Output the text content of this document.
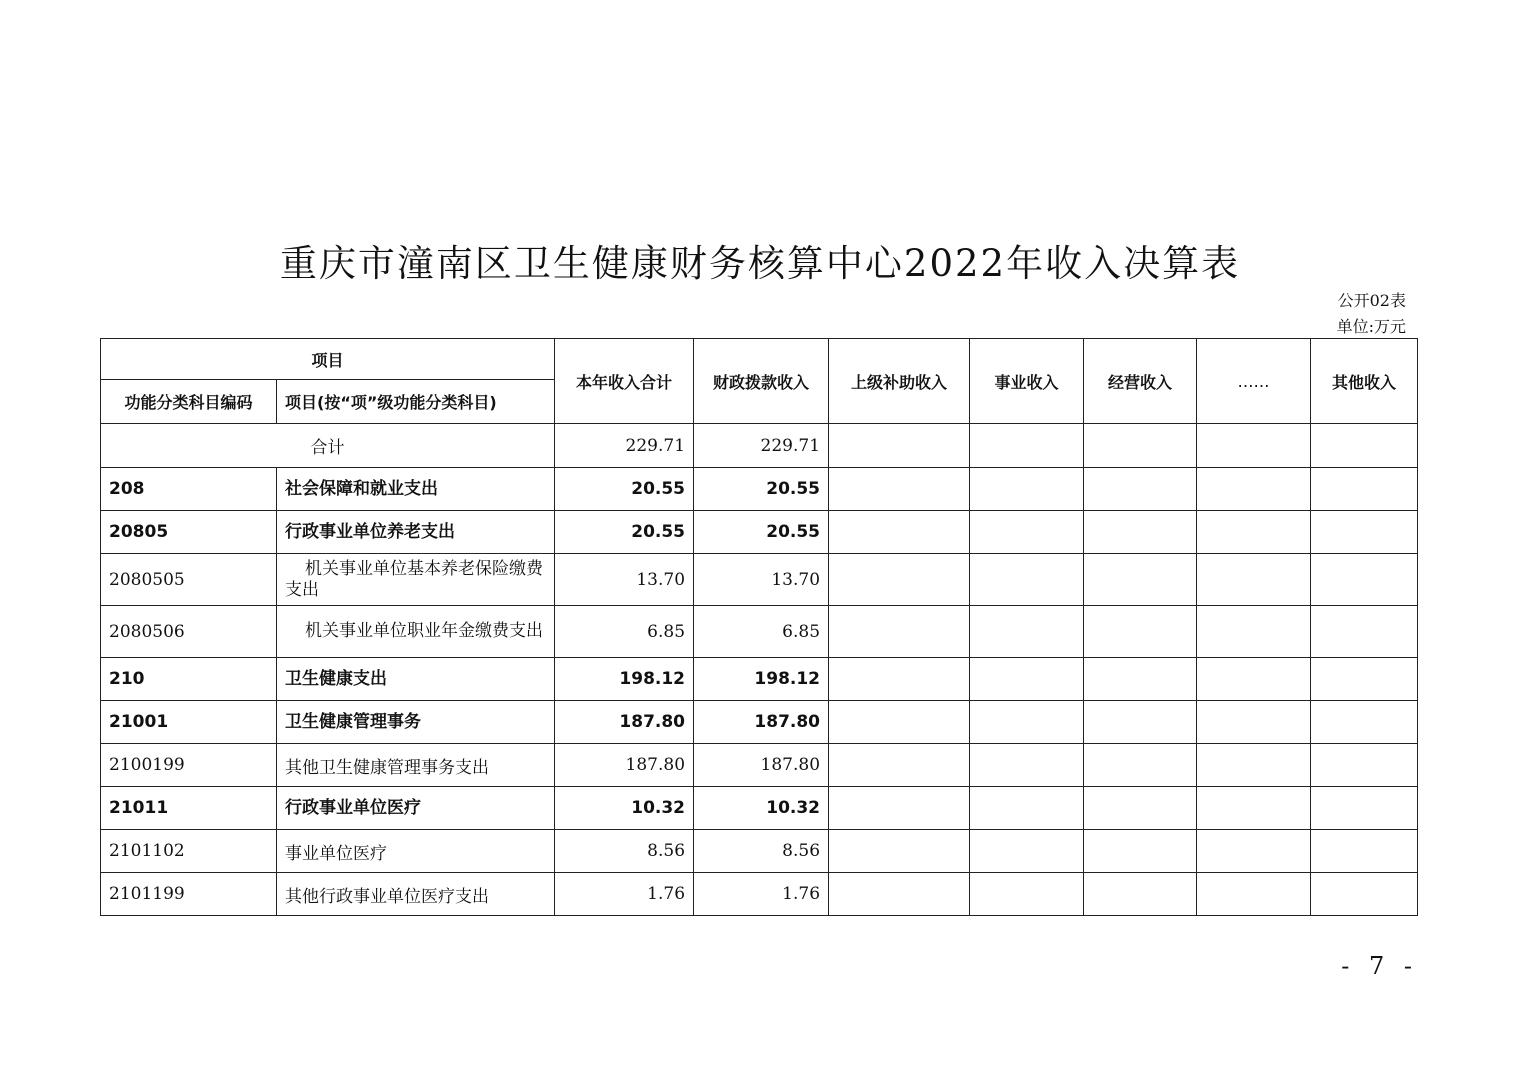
重庆市潼南区卫生健康财务核算中心2022年收入决算表
公开02表
单位:万元
项目		本年收入合计	财政拨款收入	上级补助收入	事业收入	经营收入	……	其他收入
功能分类科目编码	项目(按“项”级功能分类科目)							
合计		229.71	229.71					
208	社会保障和就业支出	20.55	20.55					
20805	行政事业单位养老支出	20.55	20.55					
2080505	机关事业单位基本养老保险缴费支出	13.70	13.70					
2080506	机关事业单位职业年金缴费支出	6.85	6.85					
210	卫生健康支出	198.12	198.12					
21001	卫生健康管理事务	187.80	187.80					
2100199	其他卫生健康管理事务支出	187.80	187.80					
21011	行政事业单位医疗	10.32	10.32					
2101102	事业单位医疗	8.56	8.56					
2101199	其他行政事业单位医疗支出	1.76	1.76					
- 7 -
